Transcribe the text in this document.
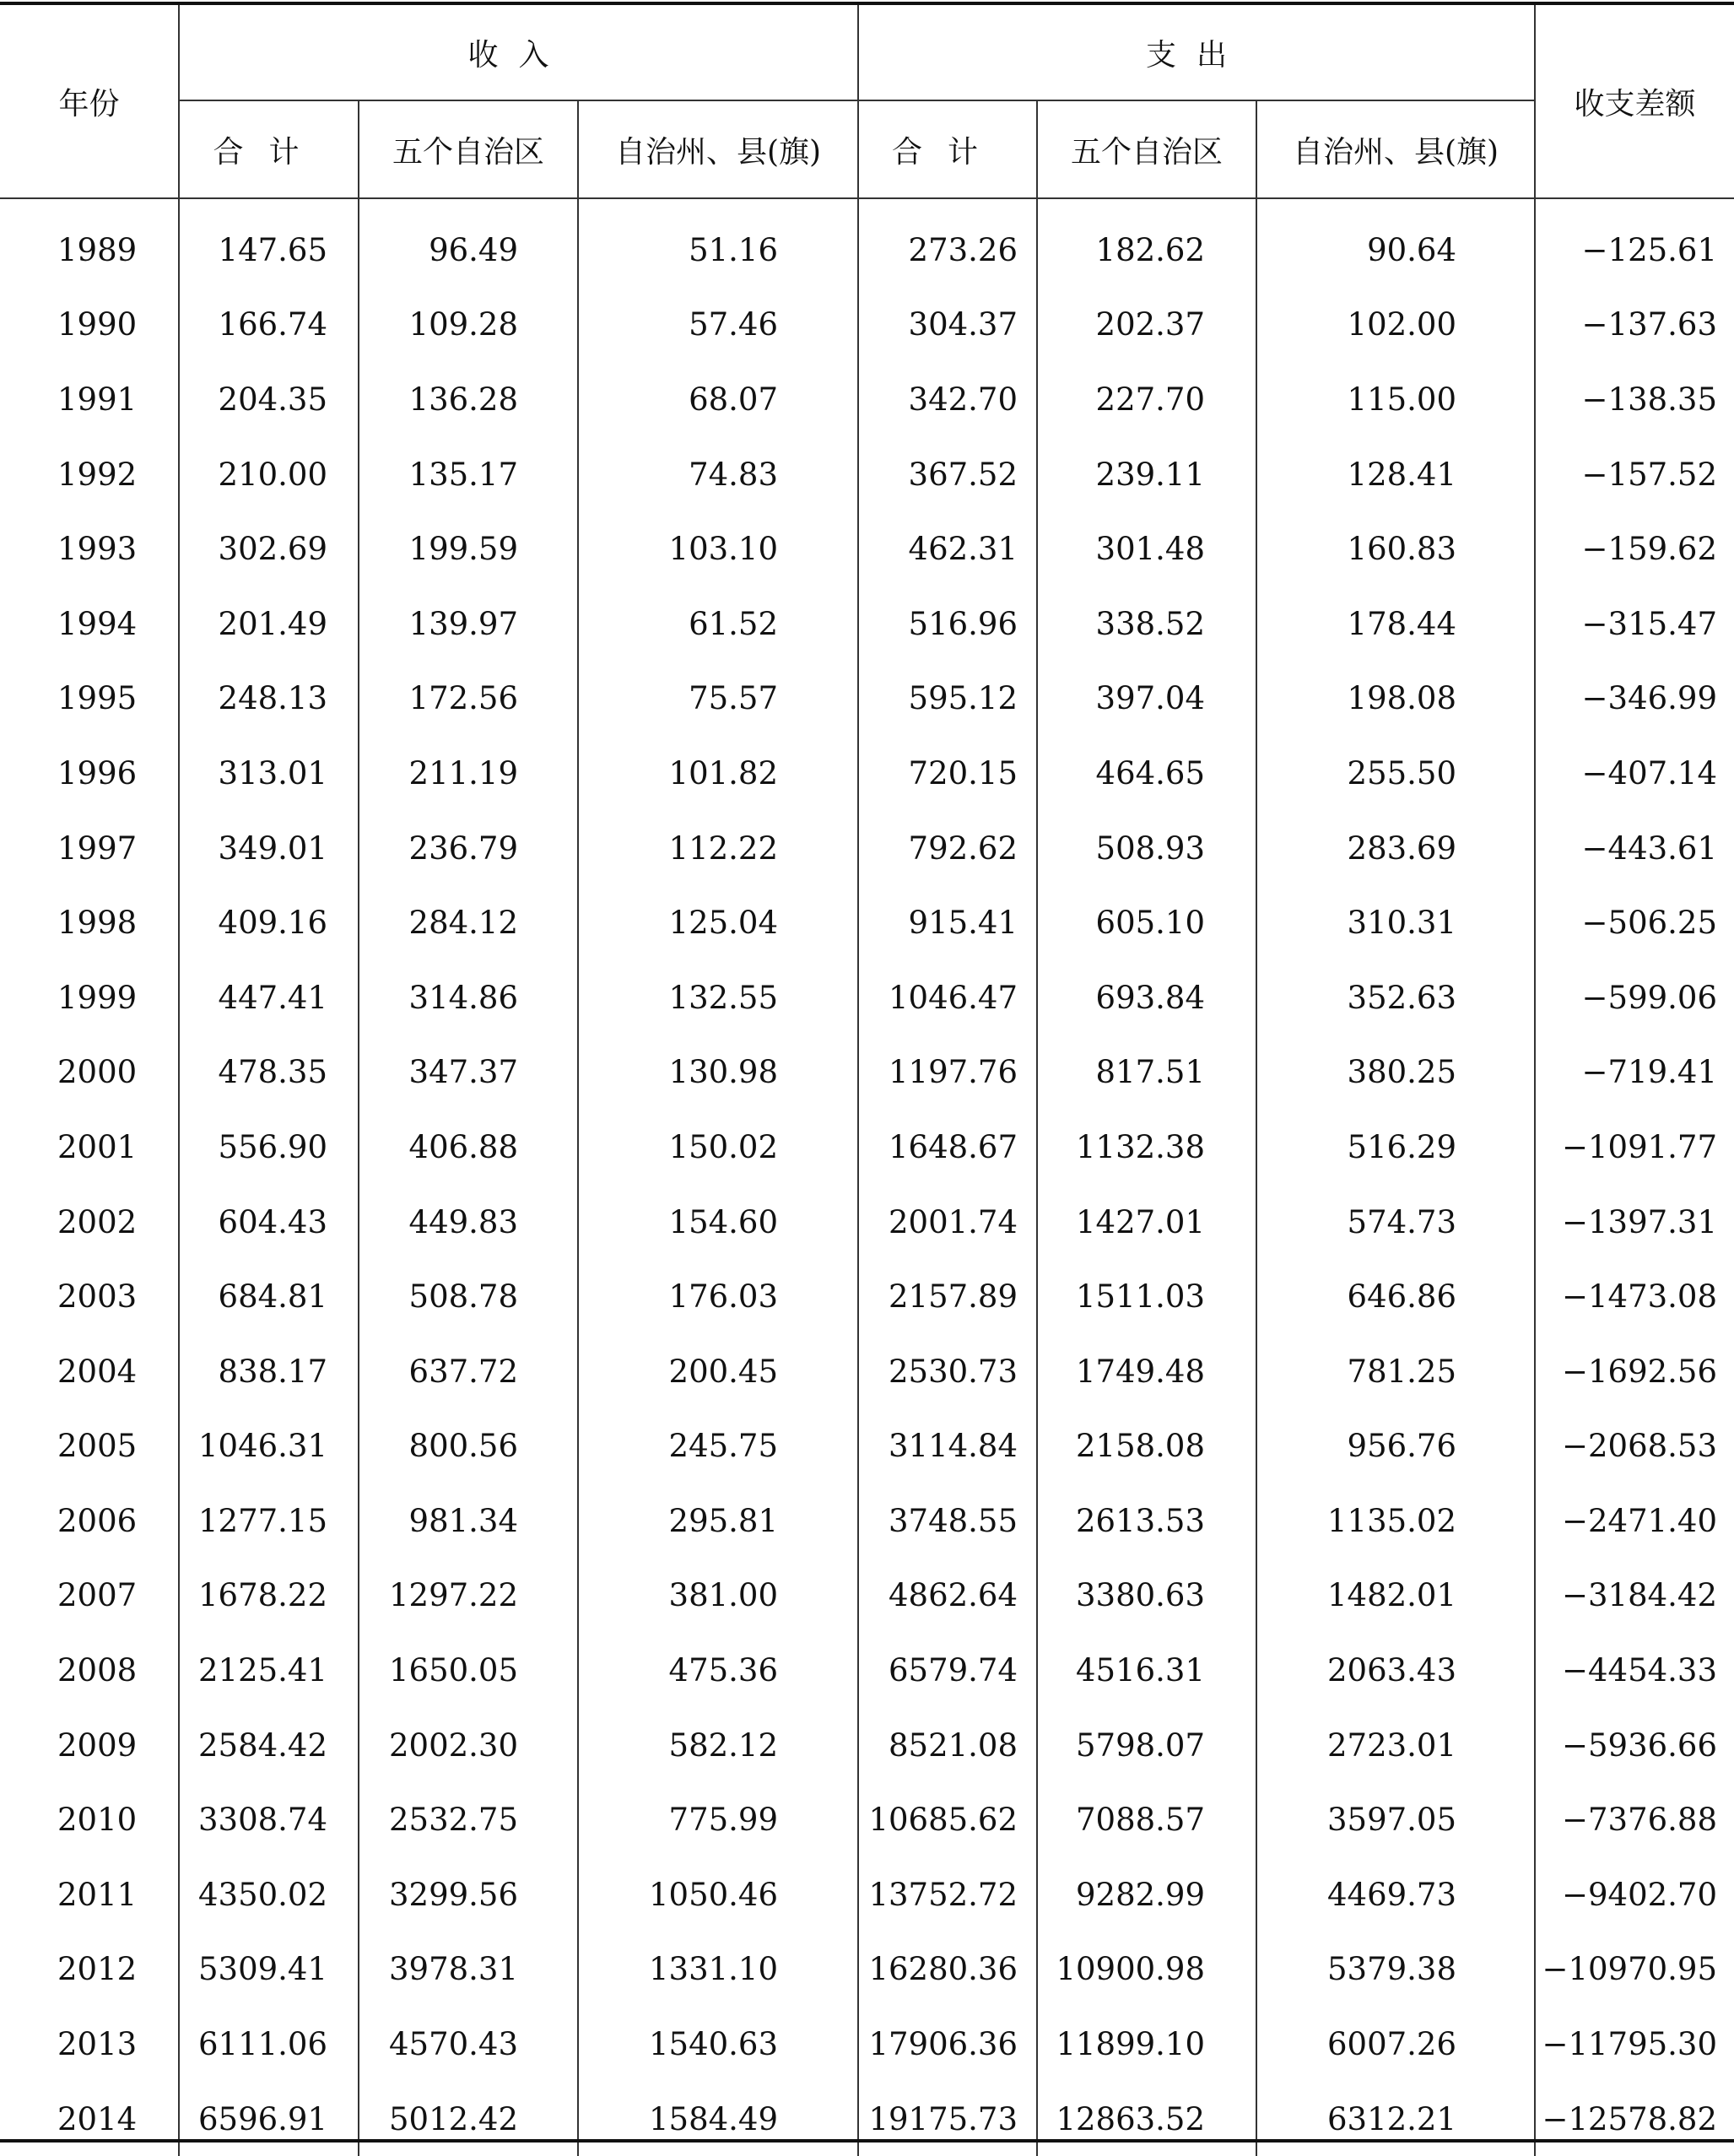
年份	收入			支出			收支差额
	合计	五个自治区	自治州、县(旗)	合计	五个自治区	自治州、县(旗)	
1989	147.65	96.49	51.16	273.26	182.62	90.64	−125.61
1990	166.74	109.28	57.46	304.37	202.37	102.00	−137.63
1991	204.35	136.28	68.07	342.70	227.70	115.00	−138.35
1992	210.00	135.17	74.83	367.52	239.11	128.41	−157.52
1993	302.69	199.59	103.10	462.31	301.48	160.83	−159.62
1994	201.49	139.97	61.52	516.96	338.52	178.44	−315.47
1995	248.13	172.56	75.57	595.12	397.04	198.08	−346.99
1996	313.01	211.19	101.82	720.15	464.65	255.50	−407.14
1997	349.01	236.79	112.22	792.62	508.93	283.69	−443.61
1998	409.16	284.12	125.04	915.41	605.10	310.31	−506.25
1999	447.41	314.86	132.55	1046.47	693.84	352.63	−599.06
2000	478.35	347.37	130.98	1197.76	817.51	380.25	−719.41
2001	556.90	406.88	150.02	1648.67	1132.38	516.29	−1091.77
2002	604.43	449.83	154.60	2001.74	1427.01	574.73	−1397.31
2003	684.81	508.78	176.03	2157.89	1511.03	646.86	−1473.08
2004	838.17	637.72	200.45	2530.73	1749.48	781.25	−1692.56
2005	1046.31	800.56	245.75	3114.84	2158.08	956.76	−2068.53
2006	1277.15	981.34	295.81	3748.55	2613.53	1135.02	−2471.40
2007	1678.22	1297.22	381.00	4862.64	3380.63	1482.01	−3184.42
2008	2125.41	1650.05	475.36	6579.74	4516.31	2063.43	−4454.33
2009	2584.42	2002.30	582.12	8521.08	5798.07	2723.01	−5936.66
2010	3308.74	2532.75	775.99	10685.62	7088.57	3597.05	−7376.88
2011	4350.02	3299.56	1050.46	13752.72	9282.99	4469.73	−9402.70
2012	5309.41	3978.31	1331.10	16280.36	10900.98	5379.38	−10970.95
2013	6111.06	4570.43	1540.63	17906.36	11899.10	6007.26	−11795.30
2014	6596.91	5012.42	1584.49	19175.73	12863.52	6312.21	−12578.82
